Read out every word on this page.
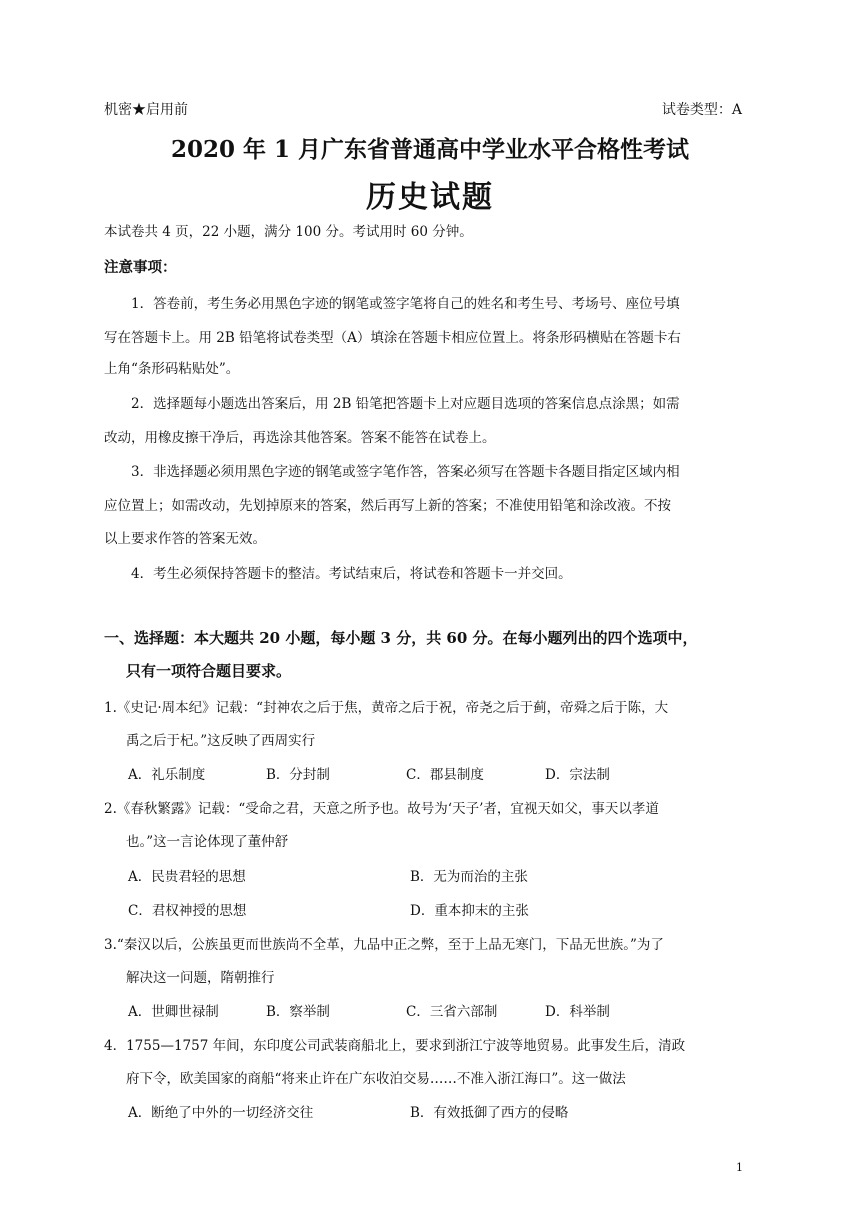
机密★启用前	试卷类型：A
2020 年 1 月广东省普通高中学业水平合格性考试
历史试题
本试卷共 4 页，22 小题，满分 100 分。考试用时 60 分钟。
注意事项：
1．答卷前，考生务必用黑色字迹的钢笔或签字笔将自己的姓名和考生号、考场号、座位号填
写在答题卡上。用 2B 铅笔将试卷类型（A）填涂在答题卡相应位置上。将条形码横贴在答题卡右
上角“条形码粘贴处”。
2．选择题每小题选出答案后，用 2B 铅笔把答题卡上对应题目选项的答案信息点涂黑；如需
改动，用橡皮擦干净后，再选涂其他答案。答案不能答在试卷上。
3．非选择题必须用黑色字迹的钢笔或签字笔作答，答案必须写在答题卡各题目指定区域内相
应位置上；如需改动，先划掉原来的答案，然后再写上新的答案；不准使用铅笔和涂改液。不按
以上要求作答的答案无效。
4．考生必须保持答题卡的整洁。考试结束后，将试卷和答题卡一并交回。
一、选择题：本大题共 20 小题，每小题 3 分，共 60 分。在每小题列出的四个选项中，
只有一项符合题目要求。
1.《史记·周本纪》记载：“封神农之后于焦，黄帝之后于祝，帝尧之后于蓟，帝舜之后于陈，大
禹之后于杞。”这反映了西周实行
A．礼乐制度	B．分封制	C．郡县制度	D．宗法制
2.《春秋繁露》记载：“受命之君，天意之所予也。故号为‘天子’者，宜视天如父，事天以孝道
也。”这一言论体现了董仲舒
A．民贵君轻的思想	B．无为而治的主张
C．君权神授的思想	D．重本抑末的主张
3.“秦汉以后，公族虽更而世族尚不全革，九品中正之弊，至于上品无寒门，下品无世族。”为了
解决这一问题，隋朝推行
A．世卿世禄制	B．察举制	C．三省六部制	D．科举制
4．1755—1757 年间，东印度公司武装商船北上，要求到浙江宁波等地贸易。此事发生后，清政
府下令，欧美国家的商船“将来止许在广东收泊交易……不准入浙江海口”。这一做法
A．断绝了中外的一切经济交往	B．有效抵御了西方的侵略
1
